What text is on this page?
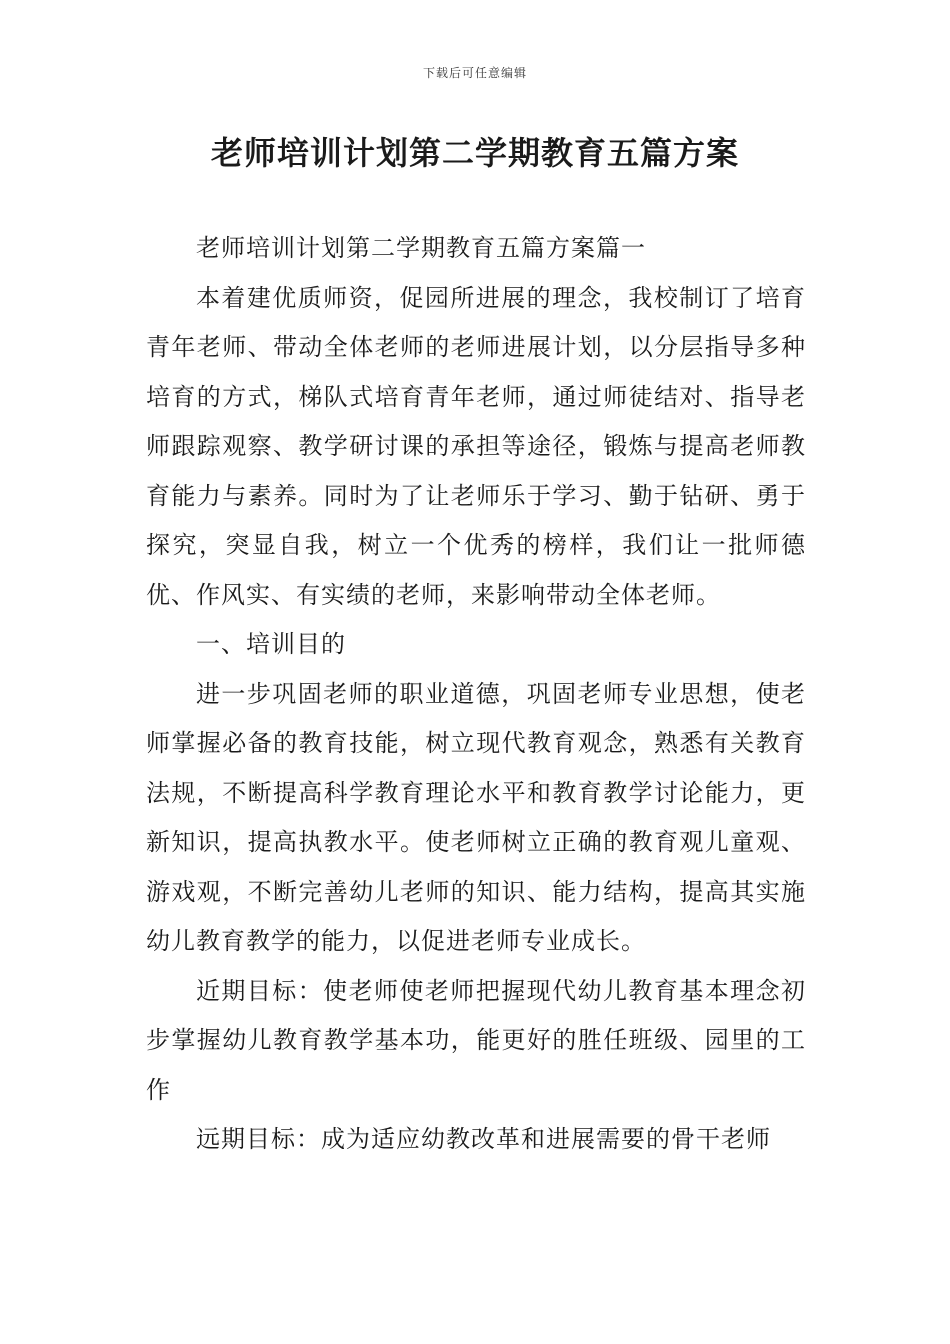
下载后可任意编辑
老师培训计划第二学期教育五篇方案

老师培训计划第二学期教育五篇方案篇一

本着建优质师资，促园所进展的理念，我校制订了培育青年老师、带动全体老师的老师进展计划，以分层指导多种培育的方式，梯队式培育青年老师，通过师徒结对、指导老师跟踪观察、教学研讨课的承担等途径，锻炼与提高老师教育能力与素养。同时为了让老师乐于学习、勤于钻研、勇于探究，突显自我，树立一个优秀的榜样，我们让一批师德优、作风实、有实绩的老师，来影响带动全体老师。

一、培训目的

进一步巩固老师的职业道德，巩固老师专业思想，使老师掌握必备的教育技能，树立现代教育观念，熟悉有关教育法规，不断提高科学教育理论水平和教育教学讨论能力，更新知识，提高执教水平。使老师树立正确的教育观儿童观、游戏观，不断完善幼儿老师的知识、能力结构，提高其实施幼儿教育教学的能力，以促进老师专业成长。

近期目标：使老师使老师把握现代幼儿教育基本理念初步掌握幼儿教育教学基本功，能更好的胜任班级、园里的工作

远期目标：成为适应幼教改革和进展需要的骨干老师
